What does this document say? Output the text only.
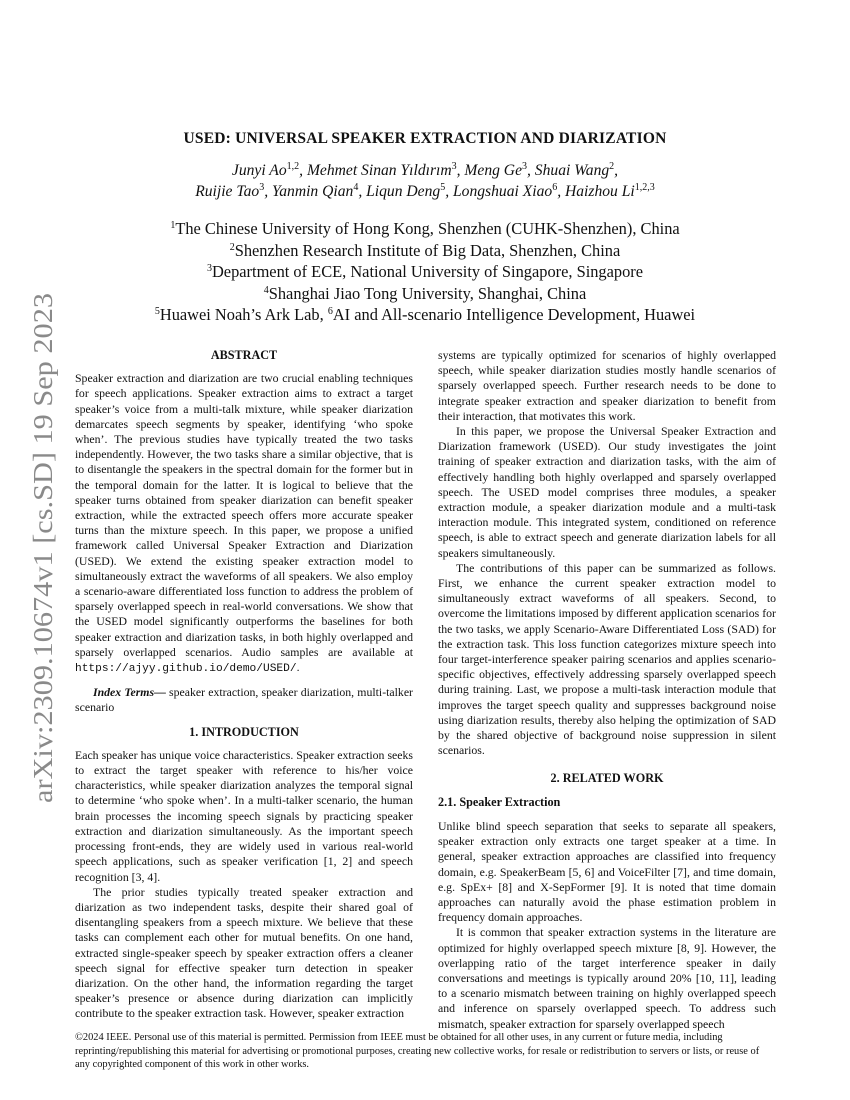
arXiv:2309.10674v1 [cs.SD] 19 Sep 2023
USED: UNIVERSAL SPEAKER EXTRACTION AND DIARIZATION
Junyi Ao$^{1,2}$, Mehmet Sinan Yıldırım$^3$, Meng Ge$^3$, Shuai Wang$^2$,
Ruijie Tao$^3$, Yanmin Qian$^4$, Liqun Deng$^5$, Longshuai Xiao$^6$, Haizhou Li$^{1,2,3}$
$^1$The Chinese University of Hong Kong, Shenzhen (CUHK-Shenzhen), China
$^2$Shenzhen Research Institute of Big Data, Shenzhen, China
$^3$Department of ECE, National University of Singapore, Singapore
$^4$Shanghai Jiao Tong University, Shanghai, China
$^5$Huawei Noah’s Ark Lab, $^6$AI and All-scenario Intelligence Development, Huawei
ABSTRACT

Speaker extraction and diarization are two crucial enabling techniques for speech applications. Speaker extraction aims to extract a target speaker’s voice from a multi-talk mixture, while speaker diarization demarcates speech segments by speaker, identifying ‘who spoke when’. The previous studies have typically treated the two tasks independently. However, the two tasks share a similar objective, that is to disentangle the speakers in the spectral domain for the former but in the temporal domain for the latter. It is logical to believe that the speaker turns obtained from speaker diarization can benefit speaker extraction, while the extracted speech offers more accurate speaker turns than the mixture speech. In this paper, we propose a unified framework called Universal Speaker Extraction and Diarization (USED). We extend the existing speaker extraction model to simultaneously extract the waveforms of all speakers. We also employ a scenario-aware differentiated loss function to address the problem of sparsely overlapped speech in real-world conversations. We show that the USED model significantly outperforms the baselines for both speaker extraction and diarization tasks, in both highly overlapped and sparsely overlapped scenarios. Audio samples are available at https://ajyy.github.io/demo/USED/.

Index Terms— speaker extraction, speaker diarization, multi-talker scenario

1. INTRODUCTION

Each speaker has unique voice characteristics. Speaker extraction seeks to extract the target speaker with reference to his/her voice characteristics, while speaker diarization analyzes the temporal signal to determine ‘who spoke when’. In a multi-talker scenario, the human brain processes the incoming speech signals by practicing speaker extraction and diarization simultaneously. As the important speech processing front-ends, they are widely used in various real-world speech applications, such as speaker verification [1, 2] and speech recognition [3, 4].

The prior studies typically treated speaker extraction and diarization as two independent tasks, despite their shared goal of disentangling speakers from a speech mixture. We believe that these tasks can complement each other for mutual benefits. On one hand, extracted single-speaker speech by speaker extraction offers a cleaner speech signal for effective speaker turn detection in speaker diarization. On the other hand, the information regarding the target speaker’s presence or absence during diarization can implicitly contribute to the speaker extraction task. However, speaker extraction

systems are typically optimized for scenarios of highly overlapped speech, while speaker diarization studies mostly handle scenarios of sparsely overlapped speech. Further research needs to be done to integrate speaker extraction and speaker diarization to benefit from their interaction, that motivates this work.

In this paper, we propose the Universal Speaker Extraction and Diarization framework (USED). Our study investigates the joint training of speaker extraction and diarization tasks, with the aim of effectively handling both highly overlapped and sparsely overlapped speech. The USED model comprises three modules, a speaker extraction module, a speaker diarization module and a multi-task interaction module. This integrated system, conditioned on reference speech, is able to extract speech and generate diarization labels for all speakers simultaneously.

The contributions of this paper can be summarized as follows. First, we enhance the current speaker extraction model to simultaneously extract waveforms of all speakers. Second, to overcome the limitations imposed by different application scenarios for the two tasks, we apply Scenario-Aware Differentiated Loss (SAD) for the extraction task. This loss function categorizes mixture speech into four target-interference speaker pairing scenarios and applies scenario-specific objectives, effectively addressing sparsely overlapped speech during training. Last, we propose a multi-task interaction module that improves the target speech quality and suppresses background noise using diarization results, thereby also helping the optimization of SAD by the shared objective of background noise suppression in silent scenarios.

2. RELATED WORK
2.1. Speaker Extraction

Unlike blind speech separation that seeks to separate all speakers, speaker extraction only extracts one target speaker at a time. In general, speaker extraction approaches are classified into frequency domain, e.g. SpeakerBeam [5, 6] and VoiceFilter [7], and time domain, e.g. SpEx+ [8] and X-SepFormer [9]. It is noted that time domain approaches can naturally avoid the phase estimation problem in frequency domain approaches.

It is common that speaker extraction systems in the literature are optimized for highly overlapped speech mixture [8, 9]. However, the overlapping ratio of the target interference speaker in daily conversations and meetings is typically around 20% [10, 11], leading to a scenario mismatch between training on highly overlapped speech and inference on sparsely overlapped speech. To address such mismatch, speaker extraction for sparsely overlapped speech

©2024 IEEE. Personal use of this material is permitted. Permission from IEEE must be obtained for all other uses, in any current or future media, including reprinting/republishing this material for advertising or promotional purposes, creating new collective works, for resale or redistribution to servers or lists, or reuse of any copyrighted component of this work in other works.
